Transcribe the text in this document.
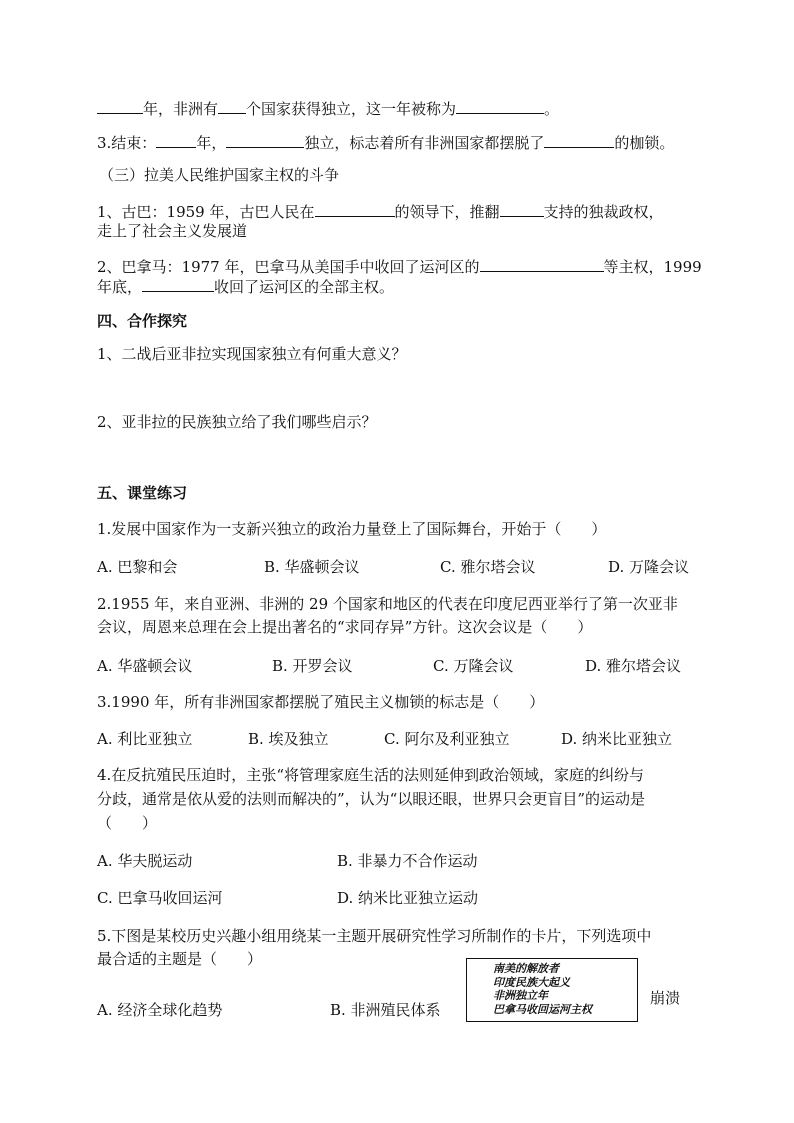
年，非洲有 个国家获得独立，这一年被称为	。
3.结束：	年，	独立，标志着所有非洲国家都摆脱了	的枷锁。
（三）拉美人民维护国家主权的斗争
1、古巴：1959 年，古巴人民在	的领导下，推翻	支持的独裁政权，
走上了社会主义发展道
2、巴拿马：1977 年，巴拿马从美国手中收回了运河区的	等主权，1999
年底，	收回了运河区的全部主权。
四、合作探究
1、二战后亚非拉实现国家独立有何重大意义？
2、亚非拉的民族独立给了我们哪些启示？
五、课堂练习
1.发展中国家作为一支新兴独立的政治力量登上了国际舞台，开始于（　　）
A. 巴黎和会	B. 华盛顿会议	C. 雅尔塔会议	D. 万隆会议
2.1955 年，来自亚洲、非洲的 29 个国家和地区的代表在印度尼西亚举行了第一次亚非
会议，周恩来总理在会上提出著名的“求同存异”方针。这次会议是（　　）
A. 华盛顿会议	B. 开罗会议	C. 万隆会议	D. 雅尔塔会议
3.1990 年，所有非洲国家都摆脱了殖民主义枷锁的标志是（　　）
A. 利比亚独立	B. 埃及独立	C. 阿尔及利亚独立	D. 纳米比亚独立
4.在反抗殖民压迫时，主张“将管理家庭生活的法则延伸到政治领域，家庭的纠纷与
分歧，通常是依从爱的法则而解决的”，认为“以眼还眼，世界只会更盲目”的运动是
（　　）
A. 华夫脱运动	B. 非暴力不合作运动
C. 巴拿马收回运河	D. 纳米比亚独立运动
5.下图是某校历史兴趣小组用绕某一主题开展研究性学习所制作的卡片，下列选项中
最合适的主题是（　　）
A. 经济全球化趋势	B. 非洲殖民体系
南美的解放者
印度民族大起义
非洲独立年
巴拿马收回运河主权
崩溃
